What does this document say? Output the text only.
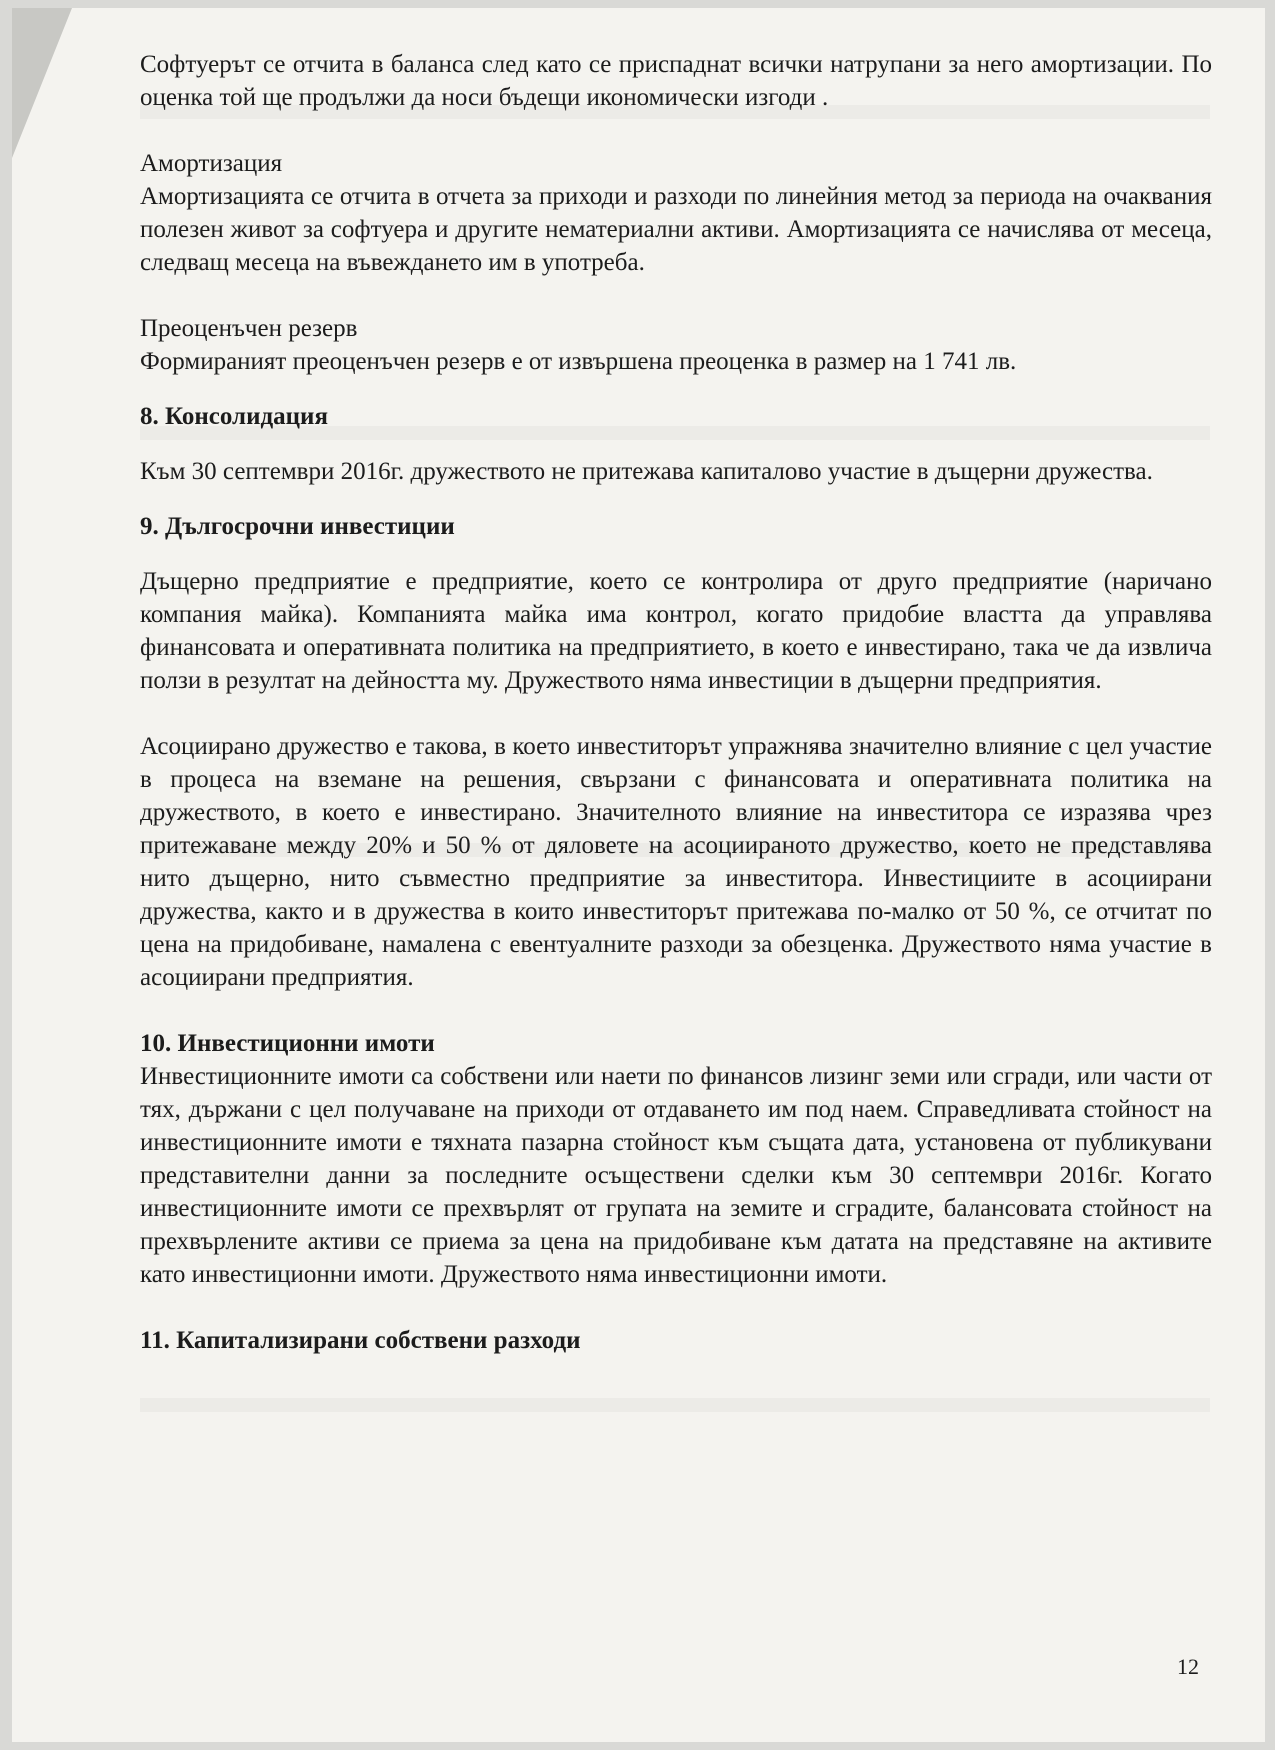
Софтуерът се отчита в баланса след като се приспаднат всички натрупани за него амортизации. По оценка той ще продължи да носи бъдещи икономически изгоди .

Амортизация

Амортизацията се отчита в отчета за приходи и разходи по линейния метод за периода на очаквания полезен живот за софтуера и другите нематериални активи. Амортизацията се начислява от месеца, следващ месеца на въвеждането им в употреба.

Преоценъчен резерв

Формираният преоценъчен резерв е от извършена преоценка в размер на 1 741 лв.

8. Консолидация

Към 30 септември 2016г. дружеството не притежава капиталово участие в дъщерни дружества.

9. Дългосрочни инвестиции

Дъщерно предприятие е предприятие, което се контролира от друго предприятие (наричано компания майка). Компанията майка има контрол, когато придобие властта да управлява финансовата и оперативната политика на предприятието, в което е инвестирано, така че да извлича ползи в резултат на дейността му. Дружеството няма инвестиции в дъщерни предприятия.

Асоциирано дружество е такова, в което инвеститорът упражнява значително влияние с цел участие в процеса на вземане на решения, свързани с финансовата и оперативната политика на дружеството, в което е инвестирано. Значителното влияние на инвеститора се изразява чрез притежаване между 20% и 50 % от дяловете на асоциираното дружество, което не представлява нито дъщерно, нито съвместно предприятие за инвеститора. Инвестициите в асоциирани дружества, както и в дружества в които инвеститорът притежава по-малко от 50 %, се отчитат по цена на придобиване, намалена с евентуалните разходи за обезценка. Дружеството няма участие в асоциирани предприятия.

10. Инвестиционни имоти

Инвестиционните имоти са собствени или наети по финансов лизинг земи или сгради, или части от тях, държани с цел получаване на приходи от отдаването им под наем. Справедливата стойност на инвестиционните имоти е тяхната пазарна стойност към същата дата, установена от публикувани представителни данни за последните осъществени сделки към 30 септември 2016г. Когато инвестиционните имоти се прехвърлят от групата на земите и сградите, балансовата стойност на прехвърлените активи се приема за цена на придобиване към датата на представяне на активите като инвестиционни имоти. Дружеството няма инвестиционни имоти.

11. Капитализирани собствени разходи
12
